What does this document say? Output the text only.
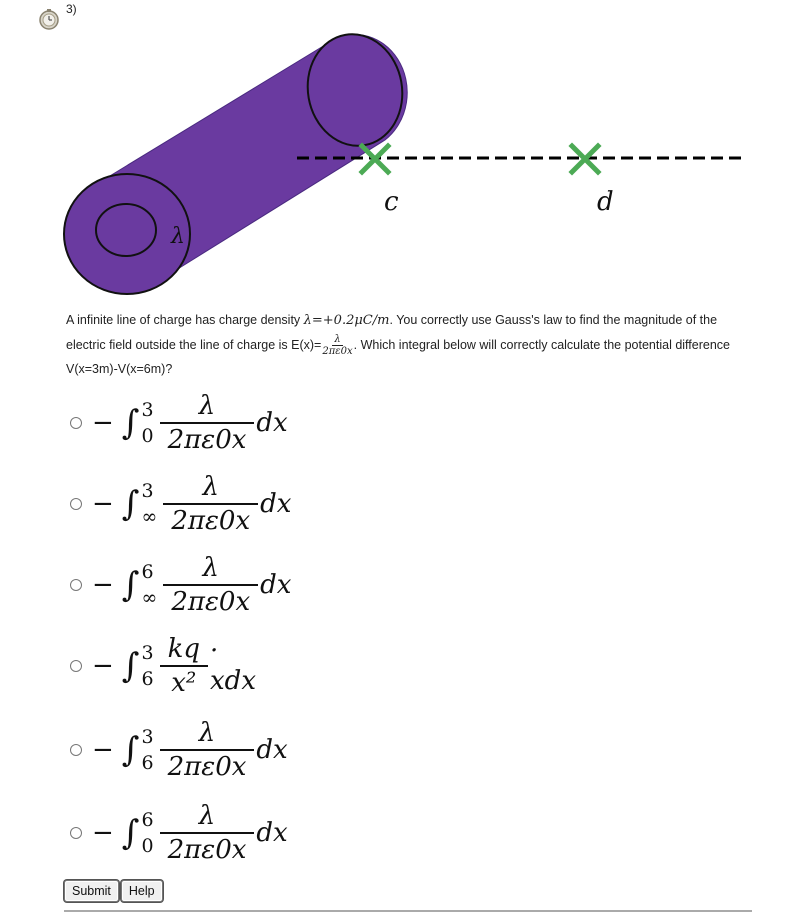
3)
c	d
λ
A infinite line of charge has charge density λ=+0.2μC/m. You correctly use Gauss's law to find the magnitude of the electric field outside the line of charge is $E(x)= \frac{\lambda}{2\pi\varepsilon 0x}$ . Which integral below will correctly calculate the potential difference V(x=3m)-V(x=6m)?
− ∫ 3
$0 \frac{\lambda}{2\pi\varepsilon 0x}$ dx
− ∫ 3
∞ $\frac{\lambda}{2\pi\varepsilon 0x}$ dx
− ∫ 6
∞ $\frac{\lambda}{2\pi\varepsilon 0x}$ dx
− ∫ 3
$6 \frac{kq}{\text{x²}}$ · xdx
− ∫ 3
$6 \frac{\lambda}{2\pi\varepsilon 0x}$ dx
− ∫ 6
$0 \frac{\lambda}{2\pi\varepsilon 0x}$ dx
Submit	Help
